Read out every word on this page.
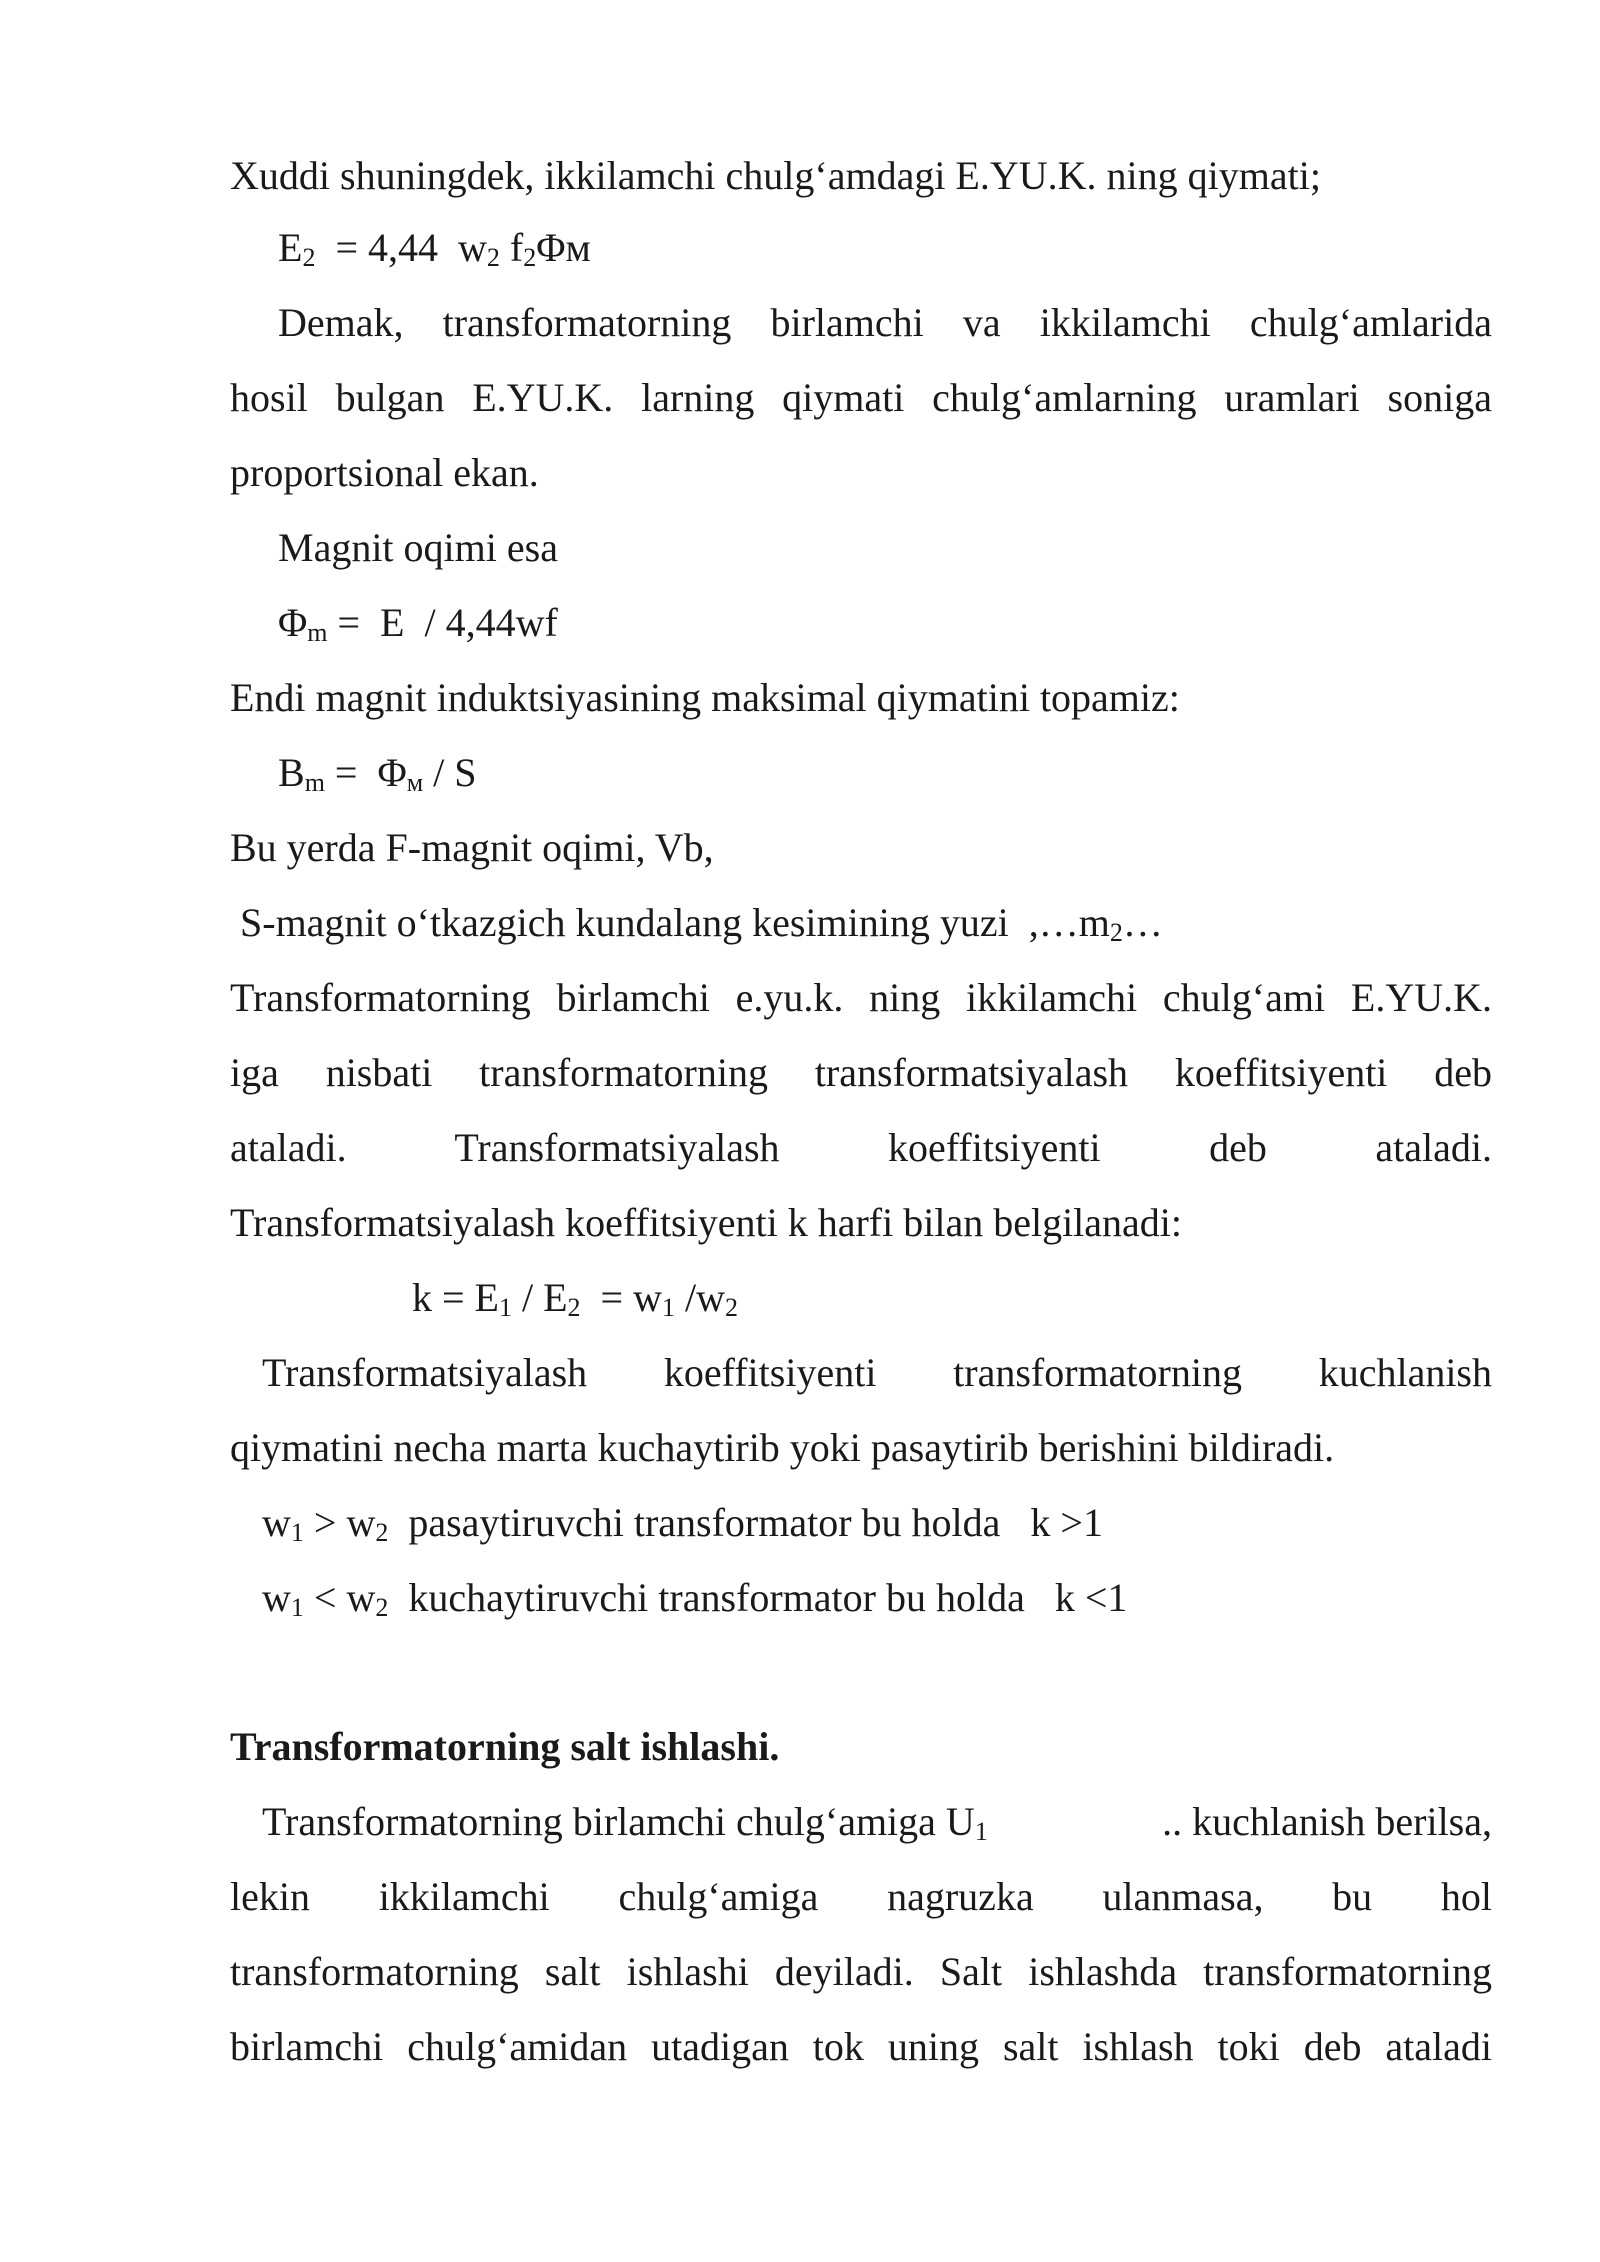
Xuddi shuningdek, ikkilamchi chulg‘amdagi E.YU.K. ning qiymati;
$E_2 = 4,44$  $w_2$ $f_2\Phi м$
Demak, transformatorning birlamchi va ikkilamchi chulg‘amlarida
hosil bulgan E.YU.K. larning qiymati chulg‘amlarning uramlari soniga
proportsional ekan.
Magnit oqimi esa
$\Phi_m = E / 4,44wf$
Endi magnit induktsiyasining maksimal qiymatini topamiz:
$B_m = \Phi_м / S$
Bu yerda F-magnit oqimi, Vb,
S-magnit o‘tkazgich kundalang kesimining yuzi  $,\dots m_2\dots$
Transformatorning birlamchi e.yu.k. ning ikkilamchi chulg‘ami E.YU.K.
iga nisbati transformatorning transformatsiyalash koeffitsiyenti deb
ataladi. Transformatsiyalash koeffitsiyenti deb ataladi.
Transformatsiyalash koeffitsiyenti k harfi bilan belgilanadi:
$k = E_1 / E_2 = w_1$ $/w_2$
Transformatsiyalash koeffitsiyenti transformatorning kuchlanish
qiymatini necha marta kuchaytirib yoki pasaytirib berishini bildiradi.
$w_1 > w_2$  pasaytiruvchi transformator bu holda   k >1
$w_1 < w_2$  kuchaytiruvchi transformator bu holda   k <1
Transformatorning salt ishlashi.
Transformatorning birlamchi chulg‘amiga $U_1$	.. kuchlanish berilsa,
lekin ikkilamchi chulg‘amiga nagruzka ulanmasa, bu hol
transformatorning salt ishlashi deyiladi. Salt ishlashda transformatorning
birlamchi chulg‘amidan utadigan tok uning salt ishlash toki deb ataladi
